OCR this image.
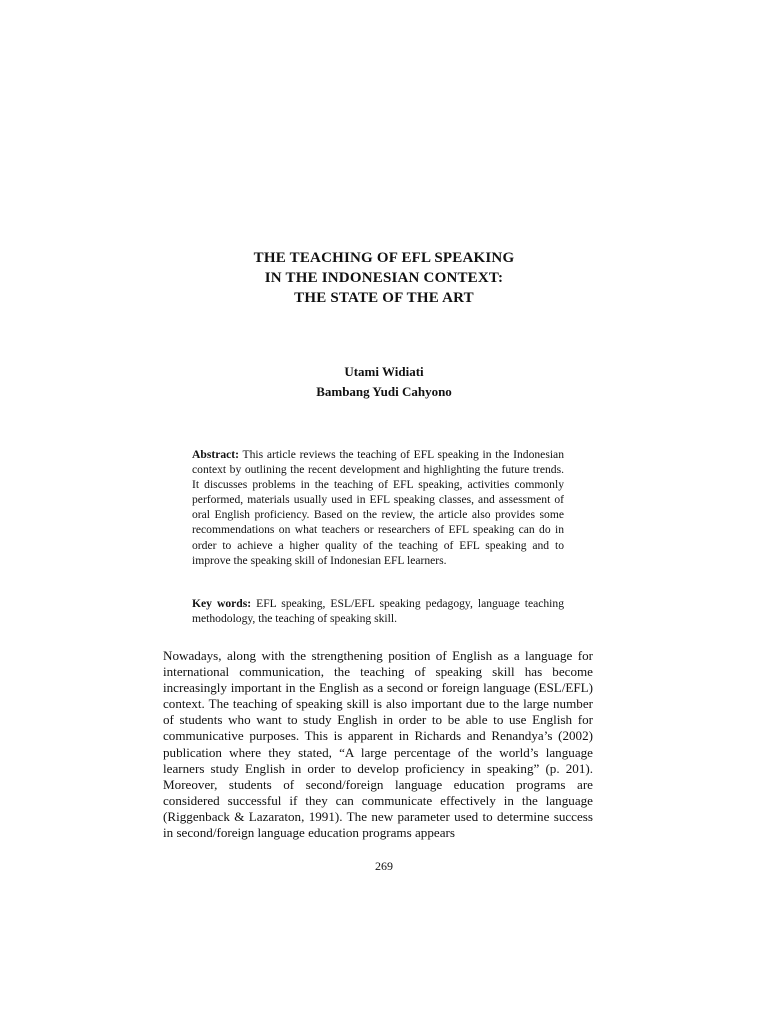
THE TEACHING OF EFL SPEAKING
IN THE INDONESIAN CONTEXT:
THE STATE OF THE ART
Utami Widiati
Bambang Yudi Cahyono
Abstract: This article reviews the teaching of EFL speaking in the Indonesian context by outlining the recent development and highlighting the future trends. It discusses problems in the teaching of EFL speaking, activities commonly performed, materials usually used in EFL speaking classes, and assessment of oral English proficiency. Based on the review, the article also provides some recommendations on what teachers or researchers of EFL speaking can do in order to achieve a higher quality of the teaching of EFL speaking and to improve the speaking skill of Indonesian EFL learners.
Key words: EFL speaking, ESL/EFL speaking pedagogy, language teaching methodology, the teaching of speaking skill.
Nowadays, along with the strengthening position of English as a language for international communication, the teaching of speaking skill has become increasingly important in the English as a second or foreign language (ESL/EFL) context. The teaching of speaking skill is also important due to the large number of students who want to study English in order to be able to use English for communicative purposes. This is apparent in Richards and Renandya’s (2002) publication where they stated, “A large percentage of the world’s language learners study English in order to develop proficiency in speaking” (p. 201). Moreover, students of second/foreign language education programs are considered successful if they can communicate effectively in the language (Riggenback & Lazaraton, 1991). The new parameter used to determine success in second/foreign language education programs appears
269
